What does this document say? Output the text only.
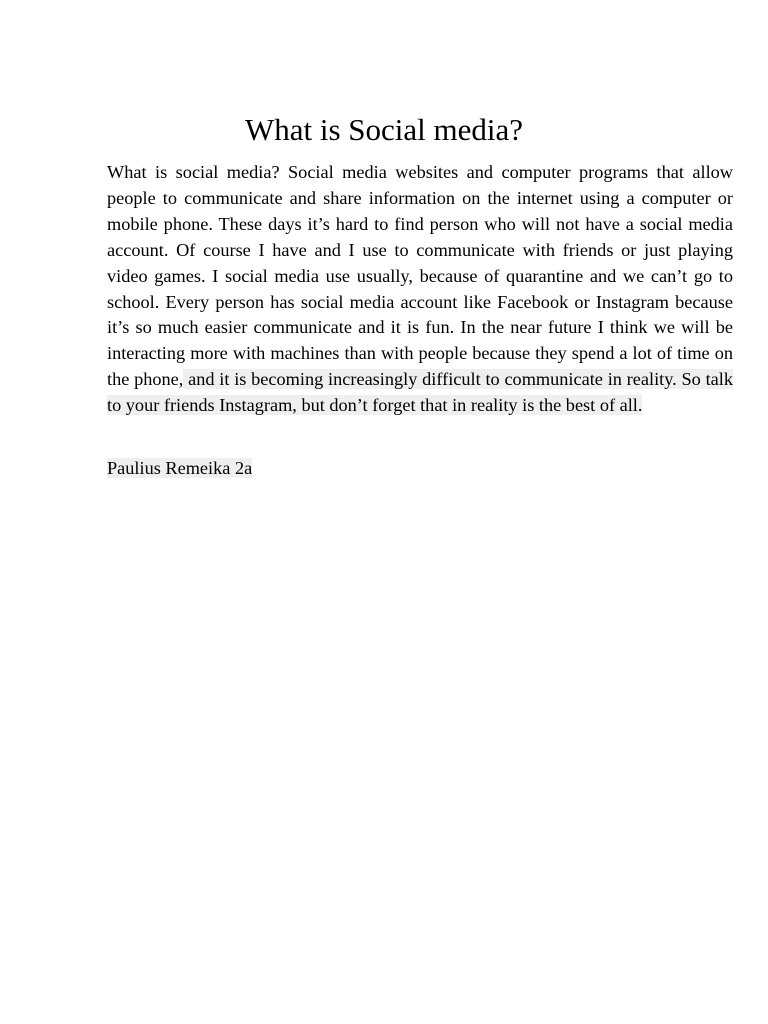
What is Social media?

What is social media? Social media websites and computer programs that allow people to communicate and share information on the internet using a computer or mobile phone. These days it’s hard to find person who will not have a social media account. Of course I have and I use to communicate with friends or just playing video games. I social media use usually, because of quarantine and we can’t go to school. Every person has social media account like Facebook or Instagram because it’s so much easier communicate and it is fun. In the near future I think we will be interacting more with machines than with people because they spend a lot of time on the phone, and it is becoming increasingly difficult to communicate in reality. So talk to your friends Instagram, but don’t forget that in reality is the best of all.

Paulius Remeika 2a
